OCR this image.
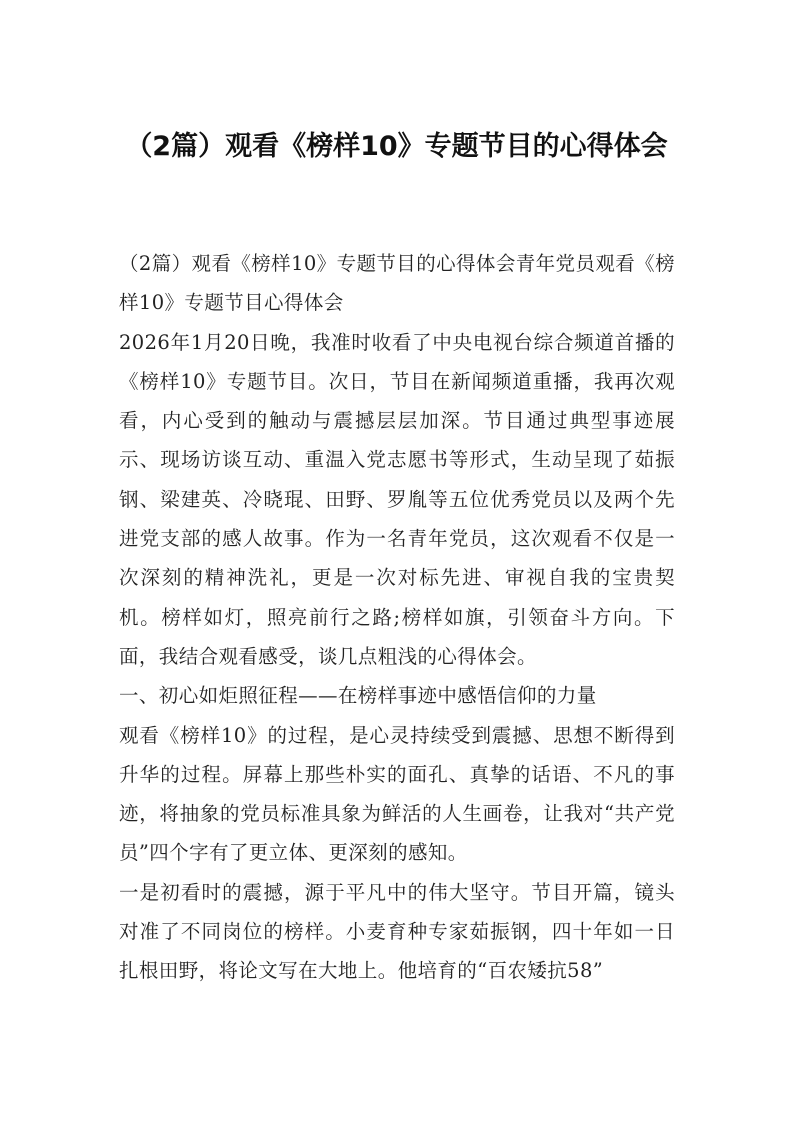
（2篇）观看《榜样10》专题节目的心得体会

（2篇）观看《榜样10》专题节目的心得体会青年党员观看《榜样10》专题节目心得体会

2026年1月20日晚，我准时收看了中央电视台综合频道首播的《榜样10》专题节目。次日，节目在新闻频道重播，我再次观看，内心受到的触动与震撼层层加深。节目通过典型事迹展示、现场访谈互动、重温入党志愿书等形式，生动呈现了茹振钢、梁建英、冷晓琨、田野、罗胤等五位优秀党员以及两个先进党支部的感人故事。作为一名青年党员，这次观看不仅是一次深刻的精神洗礼，更是一次对标先进、审视自我的宝贵契机。榜样如灯，照亮前行之路;榜样如旗，引领奋斗方向。下面，我结合观看感受，谈几点粗浅的心得体会。

一、初心如炬照征程——在榜样事迹中感悟信仰的力量

观看《榜样10》的过程，是心灵持续受到震撼、思想不断得到升华的过程。屏幕上那些朴实的面孔、真挚的话语、不凡的事迹，将抽象的党员标准具象为鲜活的人生画卷，让我对“共产党员”四个字有了更立体、更深刻的感知。

一是初看时的震撼，源于平凡中的伟大坚守。节目开篇，镜头对准了不同岗位的榜样。小麦育种专家茹振钢，四十年如一日扎根田野，将论文写在大地上。他培育的“百农矮抗58”
